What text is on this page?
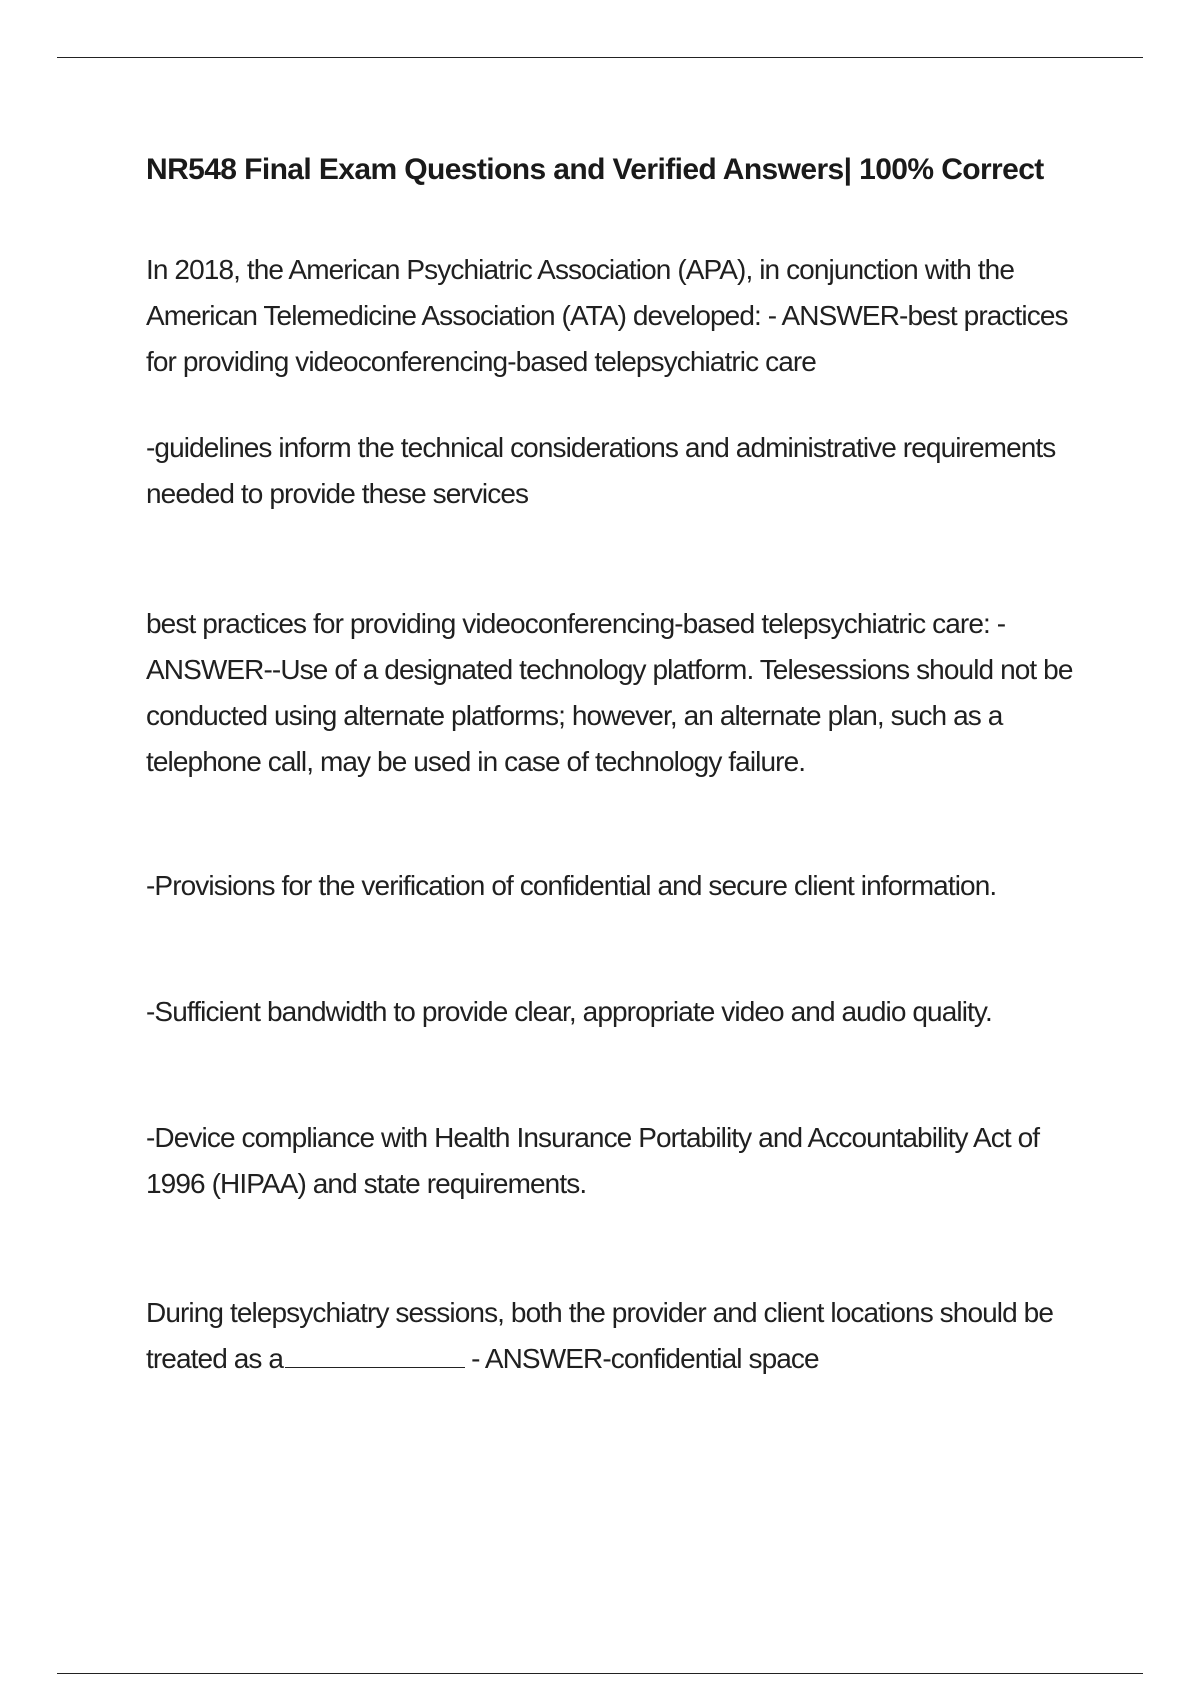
NR548 Final Exam Questions and Verified Answers| 100% Correct

In 2018, the American Psychiatric Association (APA), in conjunction with the American Telemedicine Association (ATA) developed: - ANSWER-best practices for providing videoconferencing-based telepsychiatric care

-guidelines inform the technical considerations and administrative requirements needed to provide these services

best practices for providing videoconferencing-based telepsychiatric care: - ANSWER--Use of a designated technology platform. Telesessions should not be conducted using alternate platforms; however, an alternate plan, such as a telephone call, may be used in case of technology failure.

-Provisions for the verification of confidential and secure client information.

-Sufficient bandwidth to provide clear, appropriate video and audio quality.

-Device compliance with Health Insurance Portability and Accountability Act of 1996 (HIPAA) and state requirements.

During telepsychiatry sessions, both the provider and client locations should be treated as a	- ANSWER-confidential space
